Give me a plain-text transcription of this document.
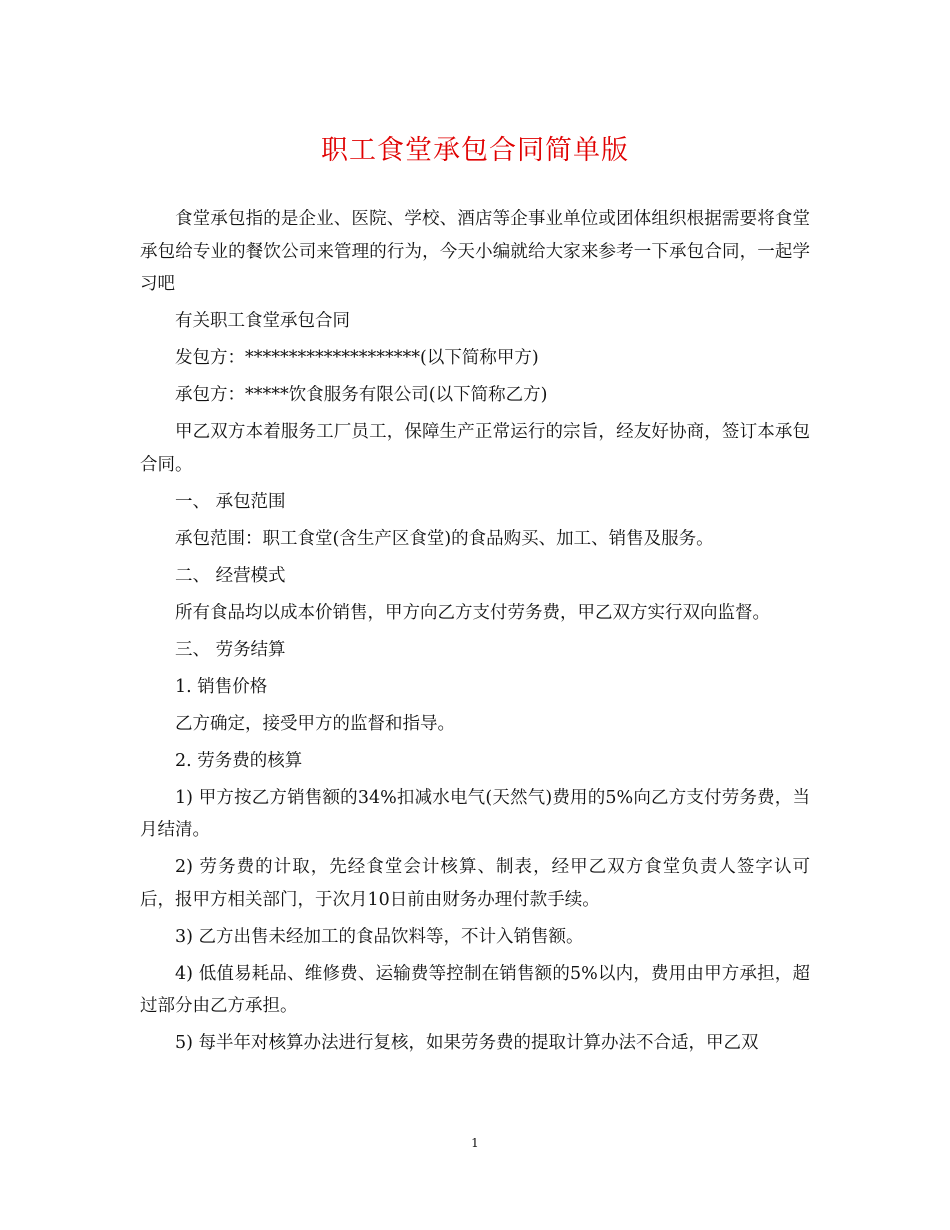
职工食堂承包合同简单版

食堂承包指的是企业、医院、学校、酒店等企事业单位或团体组织根据需要将食堂承包给专业的餐饮公司来管理的行为，今天小编就给大家来参考一下承包合同，一起学习吧

有关职工食堂承包合同

发包方：********************(以下简称甲方)

承包方：*****饮食服务有限公司(以下简称乙方)

甲乙双方本着服务工厂员工，保障生产正常运行的宗旨，经友好协商，签订本承包合同。

一、 承包范围

承包范围：职工食堂(含生产区食堂)的食品购买、加工、销售及服务。

二、 经营模式

所有食品均以成本价销售，甲方向乙方支付劳务费，甲乙双方实行双向监督。

三、 劳务结算

1. 销售价格

乙方确定，接受甲方的监督和指导。

2. 劳务费的核算

1) 甲方按乙方销售额的34%扣减水电气(天然气)费用的5%向乙方支付劳务费，当月结清。

2) 劳务费的计取，先经食堂会计核算、制表，经甲乙双方食堂负责人签字认可后，报甲方相关部门，于次月10日前由财务办理付款手续。

3) 乙方出售未经加工的食品饮料等，不计入销售额。

4) 低值易耗品、维修费、运输费等控制在销售额的5%以内，费用由甲方承担，超过部分由乙方承担。

5) 每半年对核算办法进行复核，如果劳务费的提取计算办法不合适，甲乙双

1
